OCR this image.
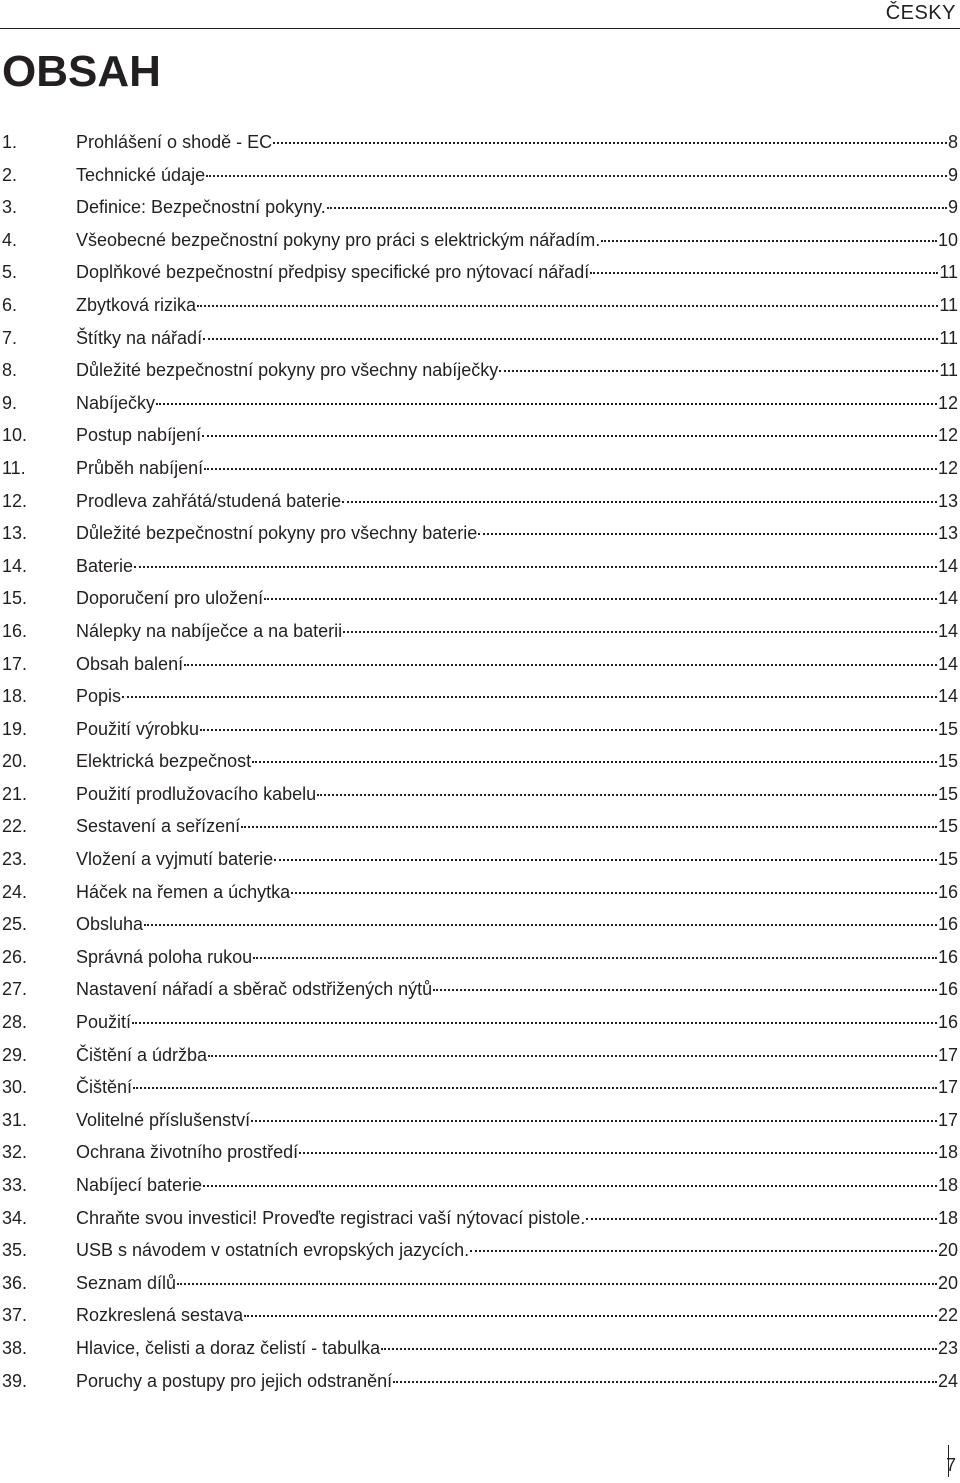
ČESKY
OBSAH
1.	Prohlášení o shodě - EC	8
2.	Technické údaje	9
3.	Definice: Bezpečnostní pokyny.	9
4.	Všeobecné bezpečnostní pokyny pro práci s elektrickým nářadím.	10
5.	Doplňkové bezpečnostní předpisy specifické pro nýtovací nářadí	11
6.	Zbytková rizika	11
7.	Štítky na nářadí	11
8.	Důležité bezpečnostní pokyny pro všechny nabíječky	11
9.	Nabíječky	12
10.	Postup nabíjení	12
11.	Průběh nabíjení	12
12.	Prodleva zahřátá/studená baterie	13
13.	Důležité bezpečnostní pokyny pro všechny baterie	13
14.	Baterie	14
15.	Doporučení pro uložení	14
16.	Nálepky na nabíječce a na baterii	14
17.	Obsah balení	14
18.	Popis	14
19.	Použití výrobku	15
20.	Elektrická bezpečnost	15
21.	Použití prodlužovacího kabelu	15
22.	Sestavení a seřízení	15
23.	Vložení a vyjmutí baterie	15
24.	Háček na řemen a úchytka	16
25.	Obsluha	16
26.	Správná poloha rukou	16
27.	Nastavení nářadí a sběrač odstřižených nýtů	16
28.	Použití	16
29.	Čištění a údržba	17
30.	Čištění	17
31.	Volitelné příslušenství	17
32.	Ochrana životního prostředí	18
33.	Nabíjecí baterie	18
34.	Chraňte svou investici! Proveďte registraci vaší nýtovací pistole.	18
35.	USB s návodem v ostatních evropských jazycích.	20
36.	Seznam dílů	20
37.	Rozkreslená sestava	22
38.	Hlavice, čelisti a doraz čelistí - tabulka	23
39.	Poruchy a postupy pro jejich odstranění	24
7
